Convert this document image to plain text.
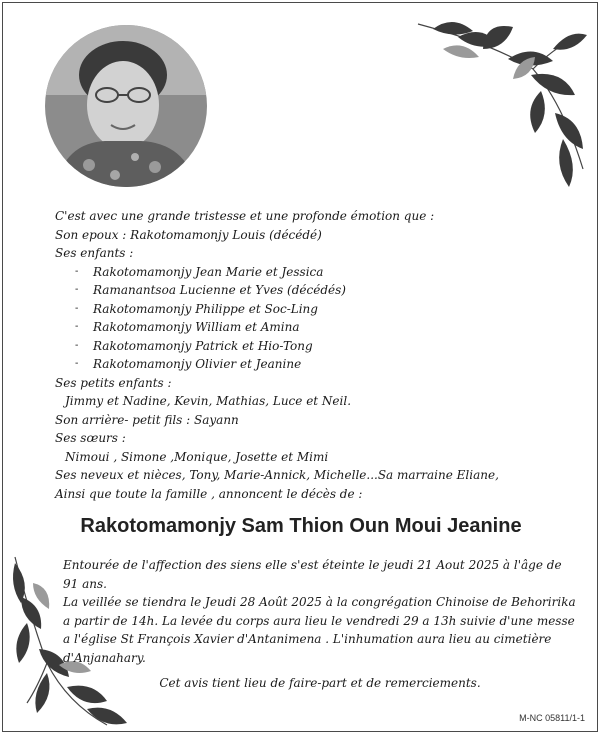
C'est avec une grande tristesse et une profonde émotion que :
Son epoux : Rakotomamonjy Louis (décédé)
Ses enfants :
- Rakotomamonjy Jean Marie et Jessica
- Ramanantsoa Lucienne et Yves (décédés)
- Rakotomamonjy Philippe et Soc-Ling
- Rakotomamonjy William et Amina
- Rakotomamonjy Patrick et Hio-Tong
- Rakotomamonjy Olivier et Jeanine
Ses petits enfants :
Jimmy et Nadine, Kevin, Mathias, Luce et Neil.
Son arrière- petit fils : Sayann
Ses sœurs :
Nimoui , Simone ,Monique, Josette et Mimi
Ses neveux et nièces, Tony, Marie-Annick, Michelle...Sa marraine Eliane,
Ainsi que toute la famille , annoncent le décès de :
Rakotomamonjy Sam Thion Oun Moui Jeanine

Entourée de l'affection des siens elle s'est éteinte le jeudi 21 Aout 2025 à l'âge de 91 ans.

La veillée se tiendra le Jeudi 28 Août 2025 à la congrégation Chinoise de Behoririka a partir de 14h. La levée du corps aura lieu le vendredi 29 a 13h suivie d'une messe a l'église St François Xavier d'Antanimena . L'inhumation aura lieu au cimetière d'Anjanahary.

Cet avis tient lieu de faire-part et de remerciements.

M-NC 05811/1-1
